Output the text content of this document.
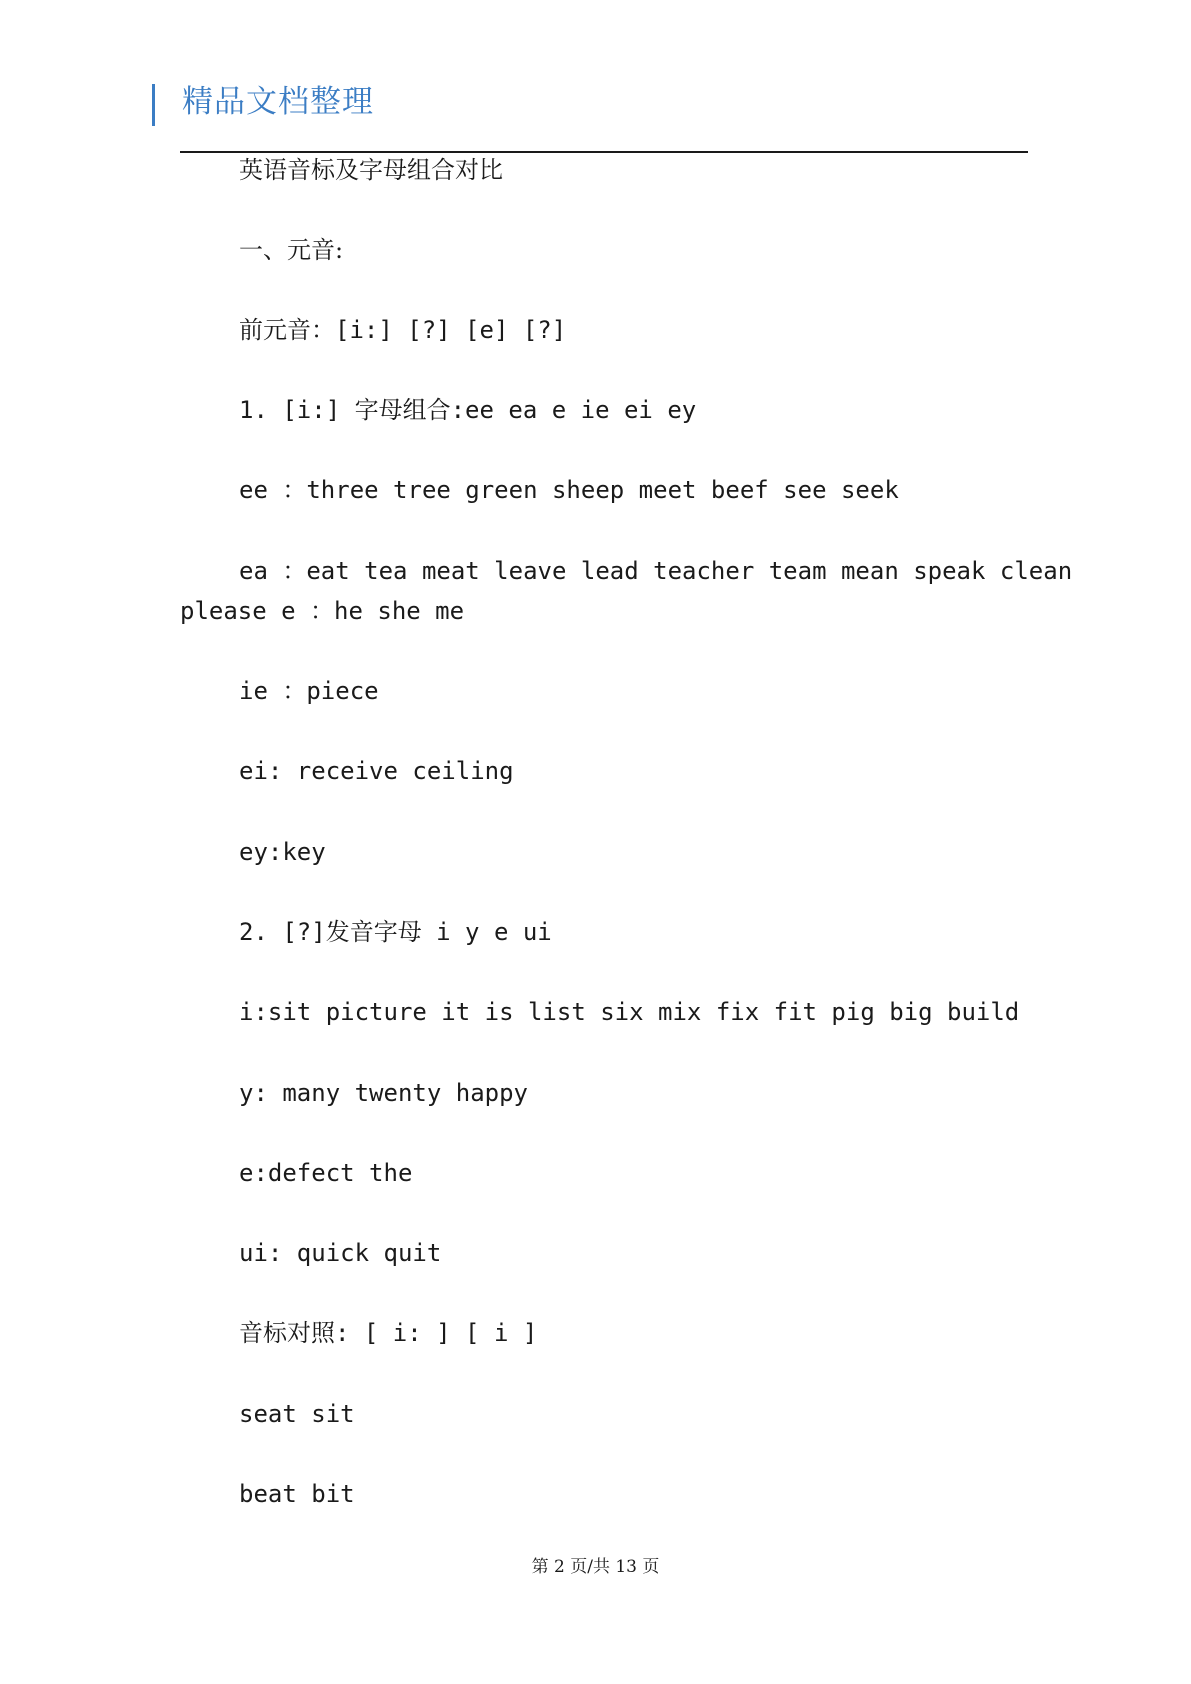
精品文档整理
英语音标及字母组合对比
一、元音:
前元音：[i:] [?] [e] [?]
1. [i:] 字母组合:ee ea e ie ei ey
ee ：three tree green sheep meet beef see seek
ea ：eat tea meat leave lead teacher team mean speak clean
please e ：he she me
ie ：piece
ei: receive ceiling
ey:key
2. [?]发音字母 i y e ui
i:sit picture it is list six mix fix fit pig big build
y: many twenty happy
e:defect the
ui: quick quit
音标对照: [ i: ] [ i ]
seat sit
beat bit
第 2 页/共 13 页
